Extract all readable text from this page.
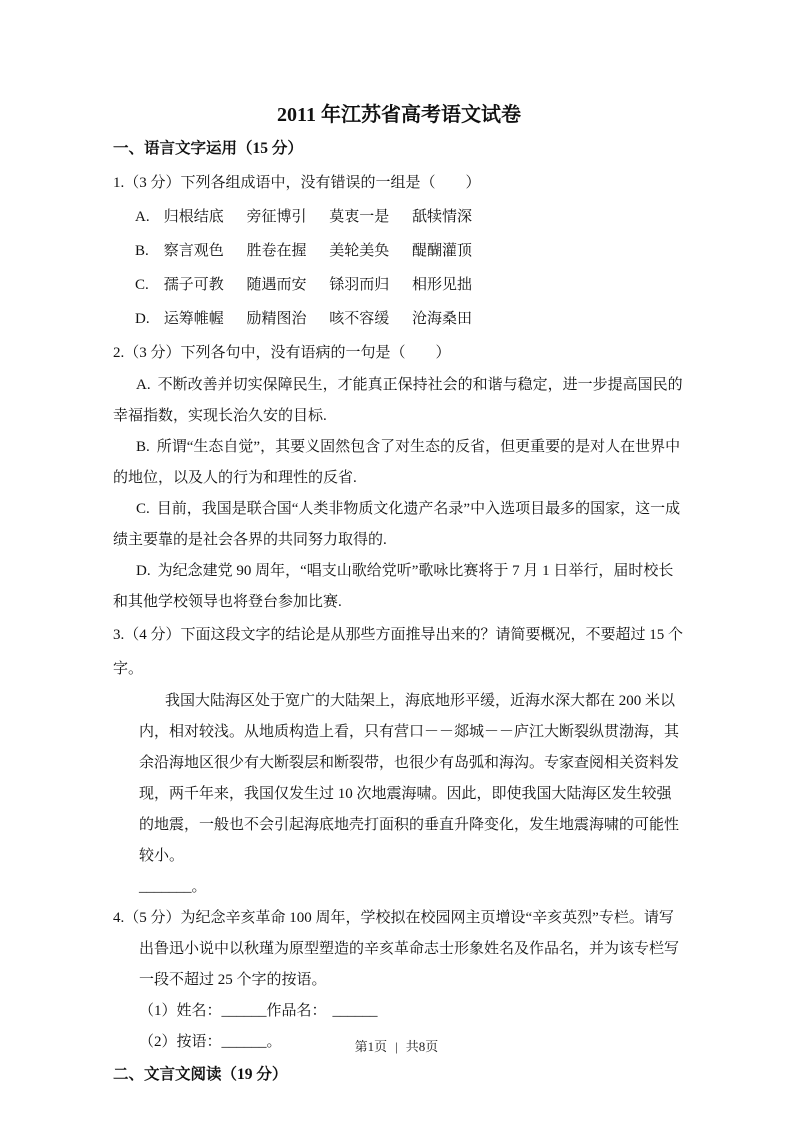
2011 年江苏省高考语文试卷
一、语言文字运用（15 分）

1.（3 分）下列各组成语中，没有错误的一组是（　　）

A. 归根结底 旁征博引 莫衷一是 舐犊情深

B. 察言观色 胜卷在握 美轮美奂 醍醐灌顶

C. 孺子可教 随遇而安 铩羽而归 相形见拙

D. 运筹帷幄 励精图治 咳不容缓 沧海桑田

2.（3 分）下列各句中，没有语病的一句是（　　）

A. 不断改善并切实保障民生，才能真正保持社会的和谐与稳定，进一步提高国民的幸福指数，实现长治久安的目标.

B. 所谓“生态自觉”，其要义固然包含了对生态的反省，但更重要的是对人在世界中的地位，以及人的行为和理性的反省.

C. 目前，我国是联合国“人类非物质文化遗产名录”中入选项目最多的国家，这一成绩主要靠的是社会各界的共同努力取得的.

D. 为纪念建党 90 周年，“唱支山歌给党听”歌咏比赛将于 7 月 1 日举行，届时校长和其他学校领导也将登台参加比赛.

3.（4 分）下面这段文字的结论是从那些方面推导出来的？请简要概况，不要超过 15 个字。

我国大陆海区处于宽广的大陆架上，海底地形平缓，近海水深大都在 200 米以内，相对较浅。从地质构造上看，只有营口－－郯城－－庐江大断裂纵贯渤海，其余沿海地区很少有大断裂层和断裂带，也很少有岛弧和海沟。专家查阅相关资料发现，两千年来，我国仅发生过 10 次地震海啸。因此，即使我国大陆海区发生较强的地震，一般也不会引起海底地壳打面积的垂直升降变化，发生地震海啸的可能性较小。

_______。

4.（5 分）为纪念辛亥革命 100 周年，学校拟在校园网主页增设“辛亥英烈”专栏。请写出鲁迅小说中以秋瑾为原型塑造的辛亥革命志士形象姓名及作品名，并为该专栏写一段不超过 25 个字的按语。

（1）姓名：______作品名： ______

（2）按语：______。

二、文言文阅读（19 分）
第1页 | 共8页
